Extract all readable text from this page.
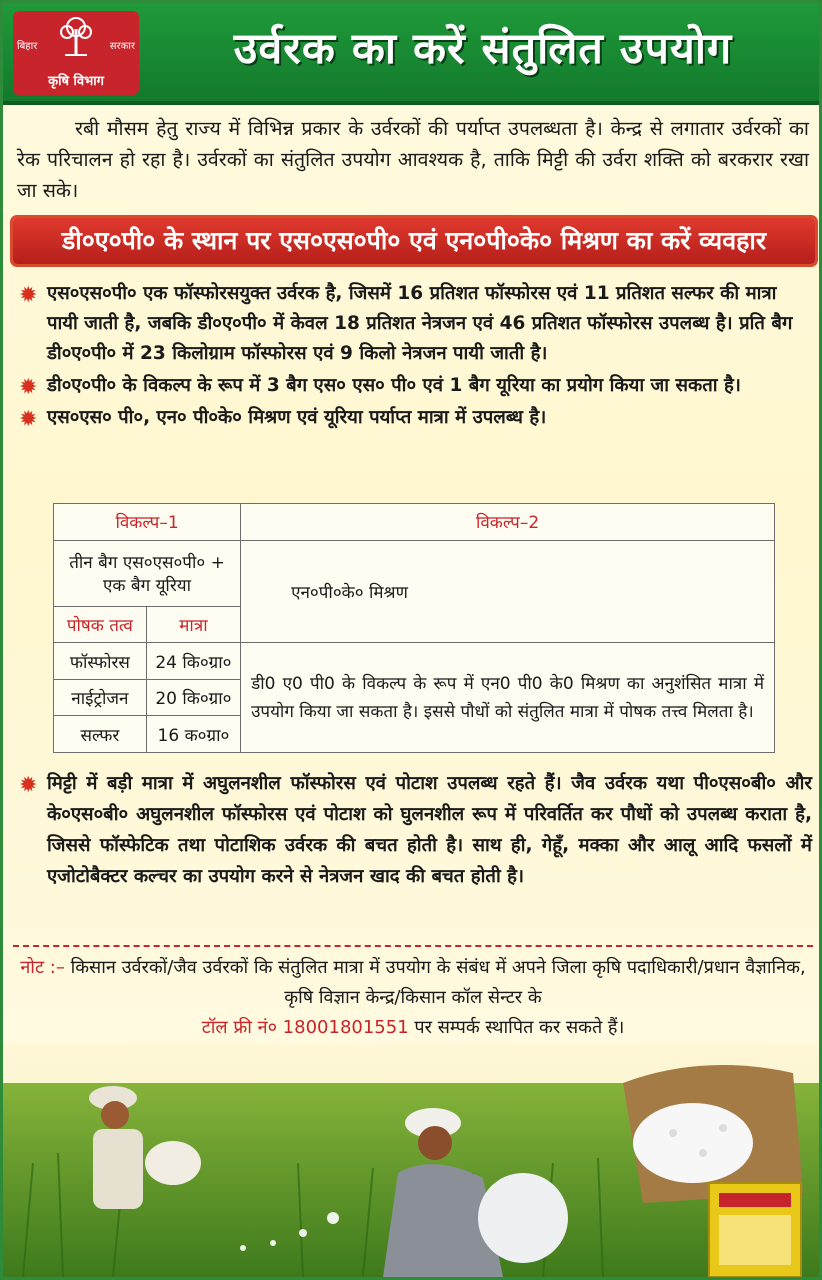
बिहार	सरकार
कृषि विभाग
उर्वरक का करें संतुलित उपयोग
रबी मौसम हेतु राज्य में विभिन्न प्रकार के उर्वरकों की पर्याप्त उपलब्धता है। केन्द्र से लगातार उर्वरकों का रेक परिचालन हो रहा है। उर्वरकों का संतुलित उपयोग आवश्यक है, ताकि मिट्टी की उर्वरा शक्ति को बरकरार रखा जा सके।
डी०ए०पी० के स्थान पर एस०एस०पी० एवं एन०पी०के० मिश्रण का करें व्यवहार
✹ एस०एस०पी० एक फॉस्फोरसयुक्त उर्वरक है, जिसमें 16 प्रतिशत फॉस्फोरस एवं 11 प्रतिशत सल्फर की मात्रा पायी जाती है, जबकि डी०ए०पी० में केवल 18 प्रतिशत नेत्रजन एवं 46 प्रतिशत फॉस्फोरस उपलब्ध है। प्रति बैग डी०ए०पी० में 23 किलोग्राम फॉस्फोरस एवं 9 किलो नेत्रजन पायी जाती है।
✹ डी०ए०पी० के विकल्प के रूप में 3 बैग एस० एस० पी० एवं 1 बैग यूरिया का प्रयोग किया जा सकता है।
✹ एस०एस० पी०, एन० पी०के० मिश्रण एवं यूरिया पर्याप्त मात्रा में उपलब्ध है।
विकल्प–1		विकल्प–2
तीन बैग एस०एस०पी० + एक बैग यूरिया		एन०पी०के० मिश्रण
पोषक तत्व	मात्रा	
फॉस्फोरस	24 कि०ग्रा०	डी0 ए0 पी0 के विकल्प के रूप में एन0 पी0 के0 मिश्रण का अनुशंसित मात्रा में उपयोग किया जा सकता है। इससे पौधों को संतुलित मात्रा में पोषक तत्त्व मिलता है।
नाईट्रोजन	20 कि०ग्रा०	
सल्फर	16 क०ग्रा०	
✹ मिट्टी में बड़ी मात्रा में अघुलनशील फॉस्फोरस एवं पोटाश उपलब्ध रहते हैं। जैव उर्वरक यथा पी०एस०बी० और के०एस०बी० अघुलनशील फॉस्फोरस एवं पोटाश को घुलनशील रूप में परिवर्तित कर पौधों को उपलब्ध कराता है, जिससे फॉस्फेटिक तथा पोटाशिक उर्वरक की बचत होती है। साथ ही, गेहूँ, मक्का और आलू आदि फसलों में एजोटोबैक्टर कल्चर का उपयोग करने से नेत्रजन खाद की बचत होती है।
नोट :– किसान उर्वरकों/जैव उर्वरकों कि संतुलित मात्रा में उपयोग के संबंध में अपने जिला कृषि पदाधिकारी/प्रधान वैज्ञानिक, कृषि विज्ञान केन्द्र/किसान कॉल सेन्टर के
टॉल फ्री नं० 18001801551 पर सम्पर्क स्थापित कर सकते हैं।
